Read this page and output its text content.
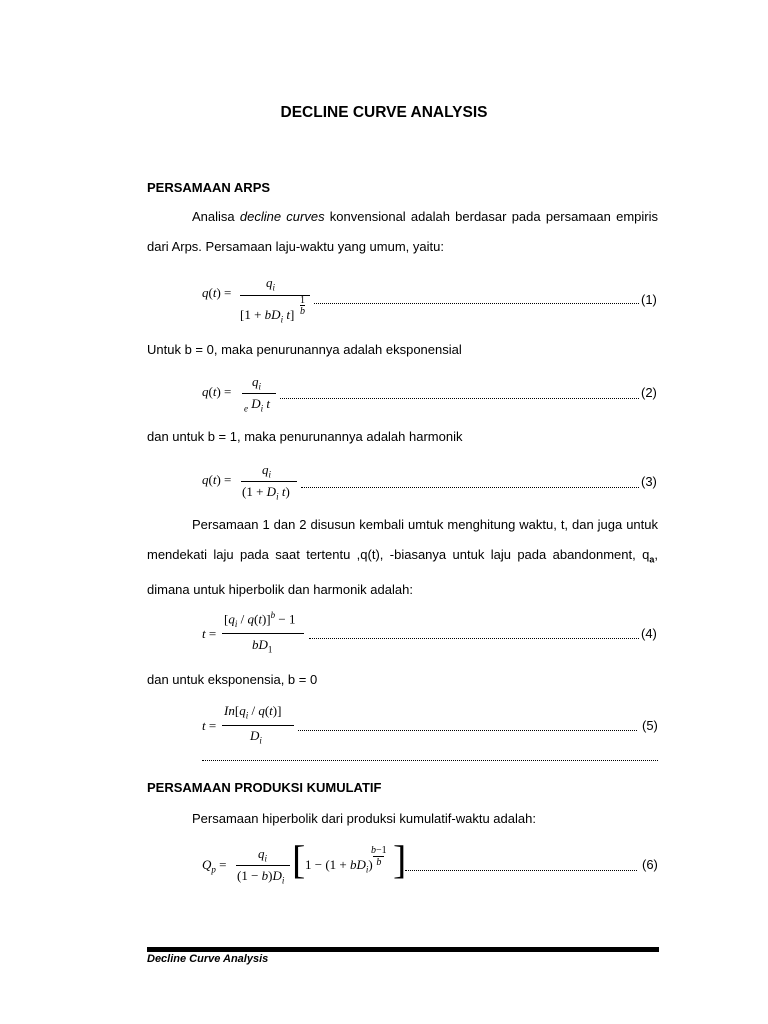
DECLINE CURVE ANALYSIS
PERSAMAAN ARPS
Analisa decline curves konvensional adalah berdasar pada persamaan empiris dari Arps. Persamaan laju-waktu yang umum, yaitu:
q(t) =
$q_i$
[$1 + bD_i$ t]
1
b
(1)
Untuk b = 0, maka penurunannya adalah eksponensial
q(t) =
$q_i$
$_e$ $D_i$ t
(2)
dan untuk b = 1, maka penurunannya adalah harmonik
q(t) =
$q_i$
($1 + D_i$ t)
(3)
Persamaan 1 dan 2 disusun kembali umtuk menghitung waktu, t, dan juga untuk mendekati laju pada saat tertentu ,q(t), -biasanya untuk laju pada abandonment, $q_a$, dimana untuk hiperbolik dan harmonik adalah:
t =
$[q_i / q(t)]^b - 1$
$bD_1$
(4)
dan untuk eksponensia, b = 0
t =
$In[q_i / q(t)]$
$D_i$
(5)
PERSAMAAN PRODUKSI KUMULATIF
Persamaan hiperbolik dari produksi kumulatif-waktu adalah:
$Q_p$ =
$q_i$
$(1 - b)D_i$ [ $1 - (1 + bD_i)$
b−1
b ]	(6)
Decline Curve Analysis
